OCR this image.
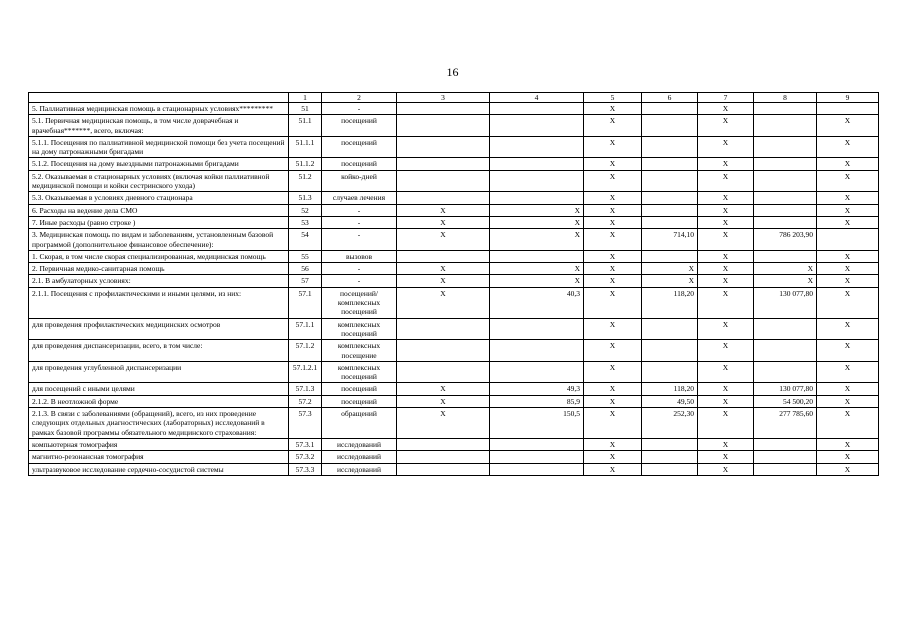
16
	1	2	3	4	5	6	7	8	9
5. Паллиативная медицинская помощь в стационарных условиях*********	51	-			X		X		
5.1. Первичная медицинская помощь, в том числе доврачебная и врачебная*******, всего, включая:	51.1	посещений			X		X		X
5.1.1. Посещения по паллиативной медицинской помощи без учета посещений на дому патронажными бригадами	51.1.1	посещений			X		X		X
5.1.2. Посещения на дому выездными патронажными бригадами	51.1.2	посещений			X		X		X
5.2. Оказываемая в стационарных условиях (включая койки паллиативной медицинской помощи и койки сестринского ухода)	51.2	койко-дней			X		X		X
5.3. Оказываемая в условиях дневного стационара	51.3	случаев лечения			X		X		X
6. Расходы на ведение дела СМО	52	-	X	X	X		X		X
7. Иные расходы (равно строке )	53	-	X	X	X		X		X
3. Медицинская помощь по видам и заболеваниям, установленным базовой программой (дополнительное финансовое обеспечение):	54	-	X	X	X	714,10	X	786 203,90	
1. Скорая, в том числе скорая специализированная, медицинская помощь	55	вызовов			X		X		X
2. Первичная медико-санитарная помощь	56	-	X	X	X	X	X	X	X
2.1. В амбулаторных условиях:	57	-	X	X	X	X	X	X	X
2.1.1. Посещения с профилактическими и иными целями, из них:	57.1	посещений/ комплексных посещений	X	40,3	X	118,20	X	130 077,80	X
для проведения профилактических медицинских осмотров	57.1.1	комплексных посещений			X		X		X
для проведения диспансеризации, всего, в том числе:	57.1.2	комплексных посещение			X		X		X
для проведения углубленной диспансеризации	57.1.2.1	комплексных посещений			X		X		X
для посещений с иными целями	57.1.3	посещений	X	49,3	X	118,20	X	130 077,80	X
2.1.2. В неотложной форме	57.2	посещений	X	85,9	X	49,50	X	54 500,20	X
2.1.3. В связи с заболеваниями (обращений), всего, из них проведение следующих отдельных диагностических (лабораторных) исследований в рамках базовой программы обязательного медицинского страхования:	57.3	обращений	X	150,5	X	252,30	X	277 785,60	X
компьютерная томография	57.3.1	исследований			X		X		X
магнитно-резонансная томография	57.3.2	исследований			X		X		X
ультразвуковое исследование сердечно-сосудистой системы	57.3.3	исследований			X		X		X
